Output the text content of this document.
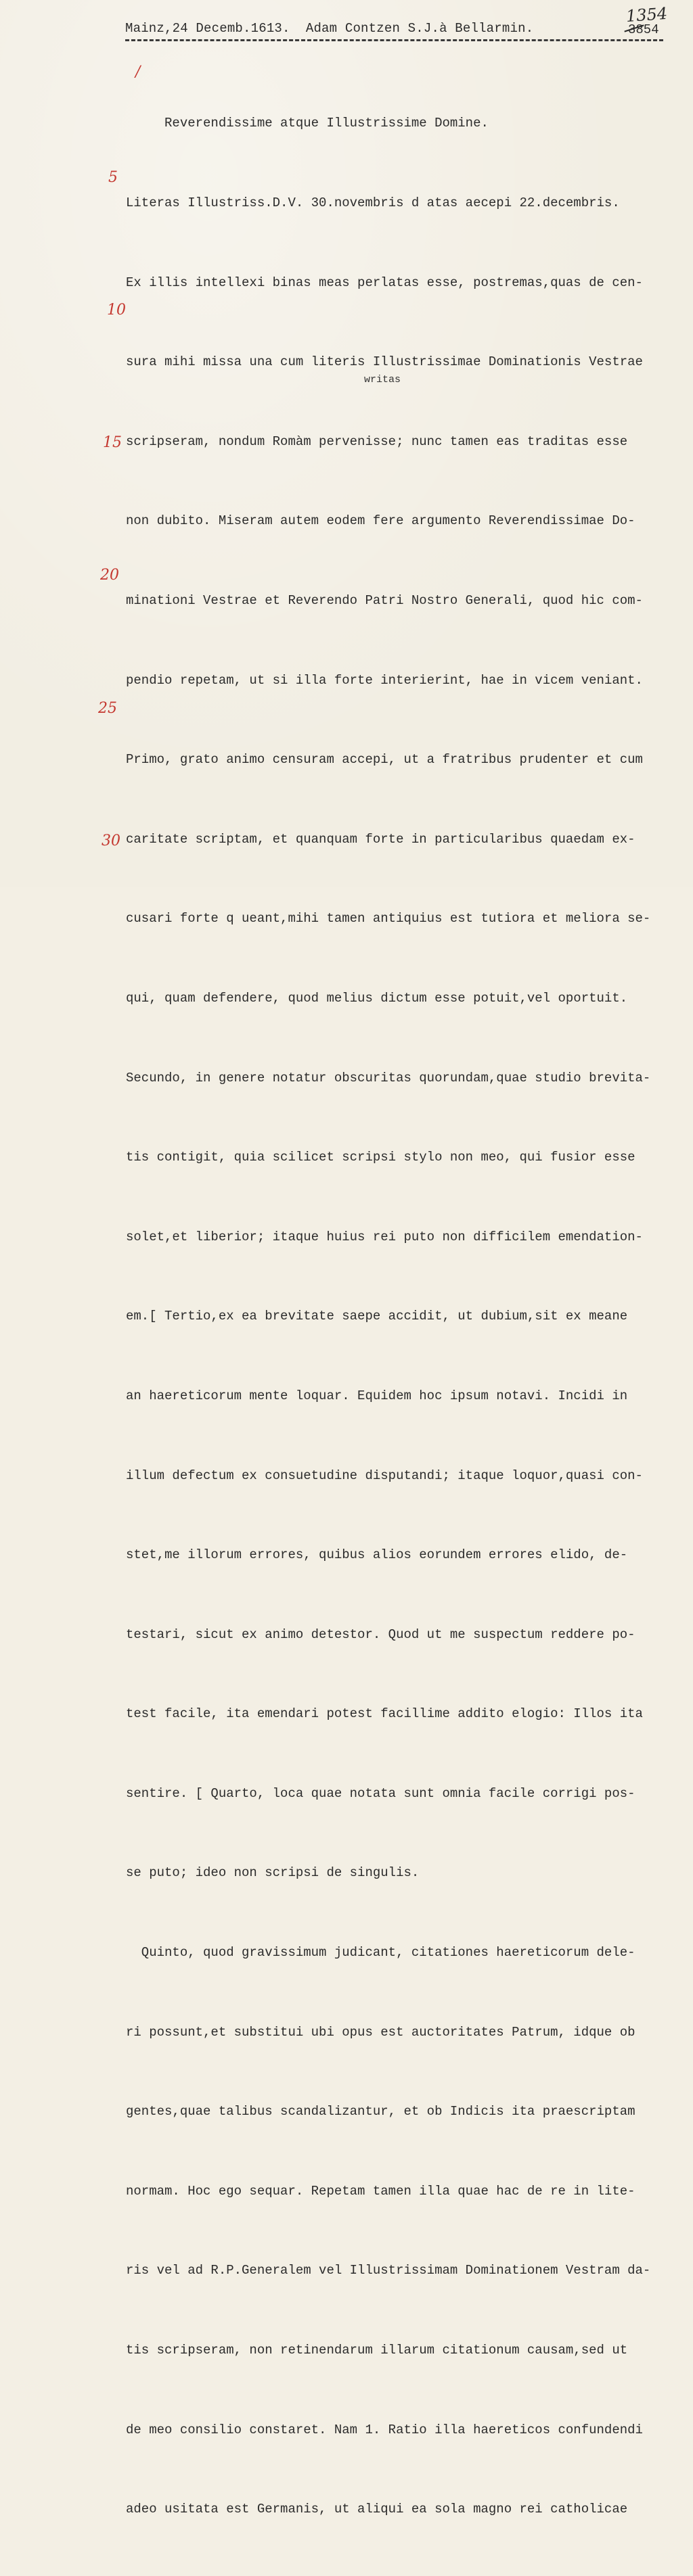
Mainz,24 Decemb.1613.  Adam Contzen S.J.à Bellarmin.
1354
3854
/
5
10
15
20
25
30
writas

Reverendissime atque Illustrissime Domine.

Literas Illustriss.D.V. 30.novembris d atas aecepi 22.decembris.

Ex illis intellexi binas meas perlatas esse, postremas,quas de cen-

sura mihi missa una cum literis Illustrissimae Dominationis Vestrae

scripseram, nondum Romàm pervenisse; nunc tamen eas traditas esse

non dubito. Miseram autem eodem fere argumento Reverendissimae Do-

minationi Vestrae et Reverendo Patri Nostro Generali, quod hic com-

pendio repetam, ut si illa forte interierint, hae in vicem veniant.

Primo, grato animo censuram accepi, ut a fratribus prudenter et cum

caritate scriptam, et quanquam forte in particularibus quaedam ex-

cusari forte q ueant,mihi tamen antiquius est tutiora et meliora se-

qui, quam defendere, quod melius dictum esse potuit,vel oportuit.

Secundo, in genere notatur obscuritas quorundam,quae studio brevita-

tis contigit, quia scilicet scripsi stylo non meo, qui fusior esse

solet,et liberior; itaque huius rei puto non difficilem emendation-

em.[ Tertio,ex ea brevitate saepe accidit, ut dubium,sit ex meane

an haereticorum mente loquar. Equidem hoc ipsum notavi. Incidi in

illum defectum ex consuetudine disputandi; itaque loquor,quasi con-

stet,me illorum errores, quibus alios eorundem errores elido, de-

testari, sicut ex animo detestor. Quod ut me suspectum reddere po-

test facile, ita emendari potest facillime addito elogio: Illos ita

sentire. [ Quarto, loca quae notata sunt omnia facile corrigi pos-

se puto; ideo non scripsi de singulis.

Quinto, quod gravissimum judicant, citationes haereticorum dele-

ri possunt,et substitui ubi opus est auctoritates Patrum, idque ob

gentes,quae talibus scandalizantur, et ob Indicis ita praescriptam

normam. Hoc ego sequar. Repetam tamen illa quae hac de re in lite-

ris vel ad R.P.Generalem vel Illustrissimam Dominationem Vestram da-

tis scripseram, non retinendarum illarum citationum causam,sed ut

de meo consilio constaret. Nam 1. Ratio illa haereticos confundendi

adeo usitata est Germanis, ut aliqui ea sola magno rei catholicae
